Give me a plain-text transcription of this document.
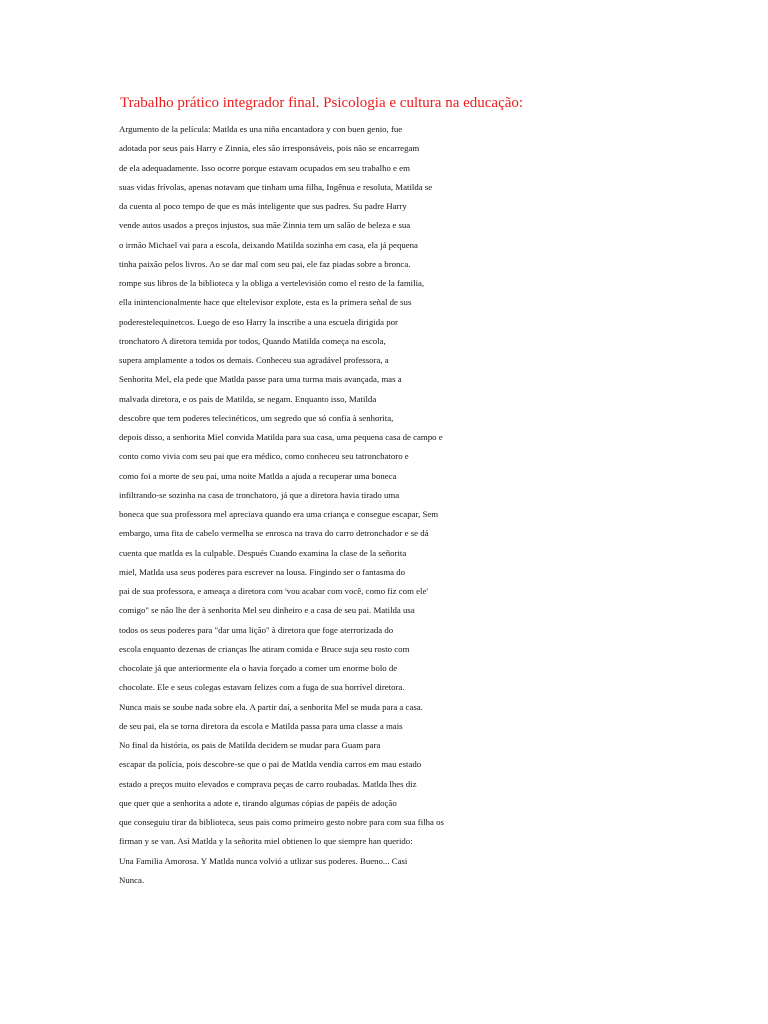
Trabalho prático integrador final. Psicologia e cultura na educação:
Argumento de la película: Matlda es una niña encantadora y con buen genio, fue
adotada por seus pais Harry e Zinnia, eles são irresponsáveis, pois não se encarregam
de ela adequadamente. Isso ocorre porque estavam ocupados em seu trabalho e em
suas vidas frívolas, apenas notavam que tinham uma filha, Ingênua e resoluta, Matilda se
da cuenta al poco tempo de que es más inteligente que sus padres. Su padre Harry
vende autos usados a preços injustos, sua mãe Zinnia tem um salão de beleza e sua
o irmão Michael vai para a escola, deixando Matilda sozinha em casa, ela já pequena
tinha paixão pelos livros. Ao se dar mal com seu pai, ele faz piadas sobre a bronca.
rompe sus libros de la biblioteca y la obliga a vertelevisión como el resto de la familia,
ella inintencionalmente hace que eltelevisor explote, esta es la primera señal de sus
poderestelequinetcos. Luego de eso Harry la inscribe a una escuela dirigida por
tronchatoro A diretora temida por todos, Quando Matilda começa na escola,
supera amplamente a todos os demais. Conheceu sua agradável professora, a
Senhorita Mel, ela pede que Matlda passe para uma turma mais avançada, mas a
malvada diretora, e os pais de Matilda, se negam. Enquanto isso, Matilda
descobre que tem poderes telecinéticos, um segredo que só confia à senhorita,
depois disso, a senhorita Miel convida Matilda para sua casa, uma pequena casa de campo e
conto como vivia com seu pai que era médico, como conheceu seu tatronchatoro e
como foi a morte de seu pai, uma noite Matlda a ajuda a recuperar uma boneca
infiltrando-se sozinha na casa de tronchatoro, já que a diretora havia tirado uma
boneca que sua professora mel apreciava quando era uma criança e consegue escapar, Sem
embargo, uma fita de cabelo vermelha se enrosca na trava do carro detronchador e se dá
cuenta que matlda es la culpable. Después Cuando examina la clase de la señorita
miel, Matlda usa seus poderes para escrever na lousa. Fingindo ser o fantasma do
pai de sua professora, e ameaça a diretora com 'vou acabar com você, como fiz com ele'
comigo" se não lhe der à senhorita Mel seu dinheiro e a casa de seu pai. Matilda usa
todos os seus poderes para "dar uma lição" à diretora que foge aterrorizada do
escola enquanto dezenas de crianças lhe atiram comida e Bruce suja seu rosto com
chocolate já que anteriormente ela o havia forçado a comer um enorme bolo de
chocolate. Ele e seus colegas estavam felizes com a fuga de sua horrível diretora.
Nunca mais se soube nada sobre ela. A partir daí, a senhorita Mel se muda para a casa.
de seu pai, ela se torna diretora da escola e Matilda passa para uma classe a mais
No final da história, os pais de Matilda decidem se mudar para Guam para
escapar da polícia, pois descobre-se que o pai de Matlda vendia carros em mau estado
estado a preços muito elevados e comprava peças de carro roubadas. Matlda lhes diz
que quer que a senhorita a adote e, tirando algumas cópias de papéis de adoção
que conseguiu tirar da biblioteca, seus pais como primeiro gesto nobre para com sua filha os
firman y se van. Así Matlda y la señorita miel obtienen lo que siempre han querido:
Una Familia Amorosa. Y Matlda nunca volvió a utlizar sus poderes. Bueno... Casi
Nunca.
